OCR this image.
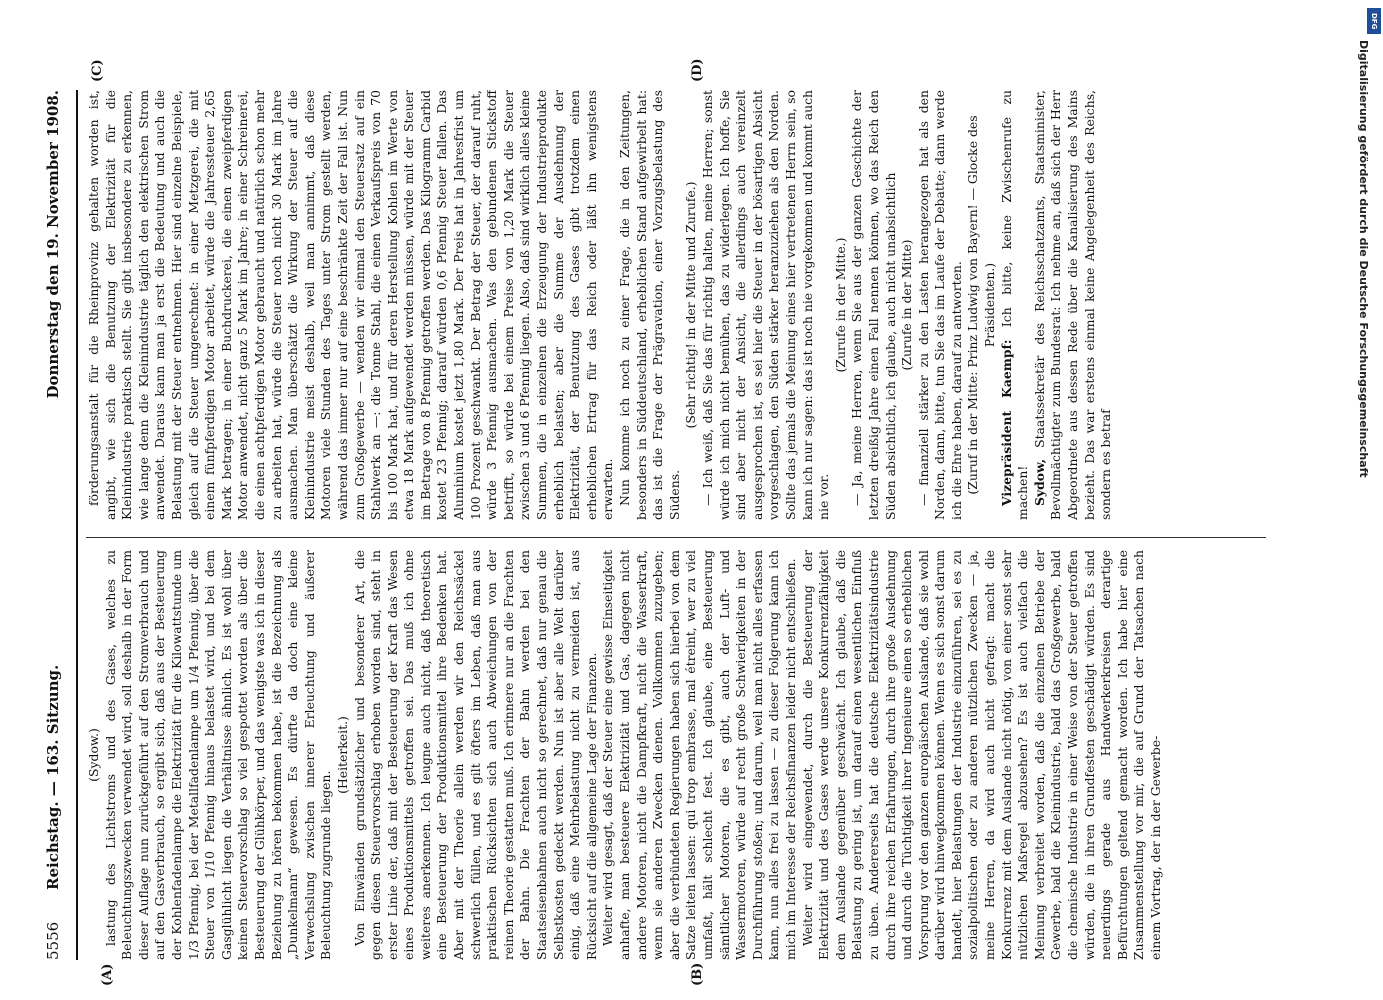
DFG
Digitalisierung gefördert durch die Deutsche Forschungsgemeinschaft
5556
Reichstag. — 163. Sitzung.
Donnerstag den 19. November 1908.
(A)	(B)
(C)	(D)

(Sydow.) lastung des Lichtstroms und des Gases, welches zu Beleuchtungszwecken verwendet wird, soll deshalb in der Form dieser Auflage nun zurückgeführt auf den Stromverbrauch und auf den Gasverbrauch, so ergibt sich, daß aus der Besteuerung der Kohlenfadenlampe die Elektrizität für die Kilowattstunde um 1/3 Pfennig, bei der Metallfadenlampe um 1/4 Pfennig, über die Steuer von 1/10 Pfennig hinaus belastet wird, und bei dem Gasglühlicht liegen die Verhältnisse ähnlich. Es ist wohl über keinen Steuervorschlag so viel gespottet worden als über die Besteuerung der Glühkörper, und das wenigste was ich in dieser Beziehung zu hören bekommen habe, ist die Bezeichnung als „Dunkelmann“ gewesen. Es dürfte da doch eine kleine Verwechslung zwischen innerer Erleuchtung und äußerer Beleuchtung zugrunde liegen.

(Heiterkeit.) Von Einwänden grundsätzlicher und besonderer Art, die gegen diesen Steuervorschlag erhoben worden sind, steht in erster Linie der, daß mit der Besteuerung der Kraft das Wesen eines Produktionsmittels getroffen sei. Das muß ich ohne weiteres anerkennen. Ich leugne auch nicht, daß theoretisch eine Besteuerung der Produktionsmittel ihre Bedenken hat. Aber mit der Theorie allein werden wir den Reichssäckel schwerlich füllen, und es gilt öfters im Leben, daß man aus praktischen Rücksichten sich auch Abweichungen von der reinen Theorie gestatten muß. Ich erinnere nur an die Frachten der Bahn. Die Frachten der Bahn werden bei den Staatseisenbahnen auch nicht so gerechnet, daß nur genau die Selbstkosten gedeckt werden. Nun ist aber alle Welt darüber einig, daß eine Mehrbelastung nicht zu vermeiden ist, aus Rücksicht auf die allgemeine Lage der Finanzen. Weiter wird gesagt, daß der Steuer eine gewisse Einseitigkeit anhafte, man besteuere Elektrizität und Gas, dagegen nicht andere Motoren, nicht die Dampfkraft, nicht die Wasserkraft, wenn sie anderen Zwecken dienen. Vollkommen zuzugeben; aber die verbündeten Regierungen haben sich hierbei von dem Satze leiten lassen: qui trop embrasse, mal étreint, wer zu viel umfaßt, hält schlecht fest. Ich glaube, eine Besteuerung sämtlicher Motoren, die es gibt, auch der Luft- und Wassermotoren, würde auf recht große Schwierigkeiten in der Durchführung stoßen; und darum, weil man nicht alles erfassen kann, nun alles frei zu lassen — zu dieser Folgerung kann ich mich im Interesse der Reichsfinanzen leider nicht entschließen. Weiter wird eingewendet, durch die Besteuerung der Elektrizität und des Gases werde unsere Konkurrenzfähigkeit dem Auslande gegenüber geschwächt. Ich glaube, daß die Belastung zu gering ist, um darauf einen wesentlichen Einfluß zu üben. Andererseits hat die deutsche Elektrizitätsindustrie durch ihre reichen Erfahrungen, durch ihre große Ausdehnung und durch die Tüchtigkeit ihrer Ingenieure einen so erheblichen Vorsprung vor den ganzen europäischen Auslande, daß sie wohl darüber wird hinwegkommen können. Wenn es sich sonst darum handelt, hier Belastungen der Industrie einzuführen, sei es zu sozialpolitischen oder zu anderen nützlichen Zwecken — ja, meine Herren, da wird auch nicht gefragt: macht die Konkurrenz mit dem Auslande nicht nötig, von einer sonst sehr nützlichen Maßregel abzusehen? Es ist auch vielfach die Meinung verbreitet worden, daß die einzelnen Betriebe der Gewerbe, bald die Kleinindustrie, bald das Großgewerbe, bald die chemische Industrie in einer Weise von der Steuer getroffen würden, die in ihren Grundfesten geschädigt würden. Es sind neuerdings gerade aus Handwerkerkreisen derartige Befürchtungen geltend gemacht worden. Ich habe hier eine Zusammenstellung vor mir, die auf Grund der Tatsachen nach einem Vortrag, der in der Gewerbe-

förderungsanstalt für die Rheinprovinz gehalten worden ist, angibt, wie sich die Benutzung der Elektrizität für die Kleinindustrie praktisch stellt. Sie gibt insbesondere zu erkennen, wie lange denn die Kleinindustrie täglich den elektrischen Strom anwendet. Daraus kann man ja erst die Bedeutung und auch die Belastung mit der Steuer entnehmen. Hier sind einzelne Beispiele, gleich auf die Steuer umgerechnet: in einer Metzgerei, die mit einem fünfpferdigen Motor arbeitet, würde die Jahressteuer 2,65 Mark betragen; in einer Buchdruckerei, die einen zweipferdigen Motor anwendet, nicht ganz 5 Mark im Jahre; in einer Schreinerei, die einen achtpferdigen Motor gebraucht und natürlich schon mehr zu arbeiten hat, würde die Steuer noch nicht 30 Mark im Jahre ausmachen. Man überschätzt die Wirkung der Steuer auf die Kleinindustrie meist deshalb, weil man annimmt, daß diese Motoren viele Stunden des Tages unter Strom gestellt werden, während das immer nur auf eine beschränkte Zeit der Fall ist. Nun zum Großgewerbe — wenden wir einmal den Steuersatz auf ein Stahlwerk an —: die Tonne Stahl, die einen Verkaufspreis von 70 bis 100 Mark hat, und für deren Herstellung Kohlen im Werte von etwa 18 Mark aufgewendet werden müssen, würde mit der Steuer im Betrage von 8 Pfennig getroffen werden. Das Kilogramm Carbid kostet 23 Pfennig; darauf würden 0,6 Pfennig Steuer fallen. Das Aluminium kostet jetzt 1,80 Mark. Der Preis hat in Jahresfrist um 100 Prozent geschwankt. Der Betrag der Steuer, der darauf ruht, würde 3 Pfennig ausmachen. Was den gebundenen Stickstoff betrifft, so würde bei einem Preise von 1,20 Mark die Steuer zwischen 3 und 6 Pfennig liegen. Also, daß sind wirklich alles kleine Summen, die in einzelnen die Erzeugung der Industrieprodukte erheblich belasten; aber die Summe der Ausdehnung der Elektrizität, der Benutzung des Gases gibt trotzdem einen erheblichen Ertrag für das Reich oder läßt ihn wenigstens erwarten. Nun komme ich noch zu einer Frage, die in den Zeitungen, besonders in Süddeutschland, erheblichen Stand aufgewirbelt hat: das ist die Frage der Prägravation, einer Vorzugsbelastung des Südens.

(Sehr richtig! in der Mitte und Zurufe.) — Ich weiß, daß Sie das für richtig halten, meine Herren; sonst würde ich mich nicht bemühen, das zu widerlegen. Ich hoffe, Sie sind aber nicht der Ansicht, die allerdings auch vereinzelt ausgesprochen ist, es sei hier die Steuer in der bösartigen Absicht vorgeschlagen, den Süden stärker heranzuziehen als den Norden. Sollte das jemals die Meinung eines hier vertretenen Herrn sein, so kann ich nur sagen: das ist noch nie vorgekommen und kommt auch nie vor.

(Zurufe in der Mitte.) — Ja, meine Herren, wenn Sie aus der ganzen Geschichte der letzten dreißig Jahre einen Fall nennen können, wo das Reich den Süden absichtlich, ich glaube, auch nicht unabsichtlich (Zurufe in der Mitte) — finanziell stärker zu den Lasten herangezogen hat als den Norden, dann, bitte, tun Sie das im Laufe der Debatte; dann werde ich die Ehre haben, darauf zu antworten. (Zuruf in der Mitte: Prinz Ludwig von Bayern! — Glocke des Präsidenten.)

Vizepräsident Kaempf: Ich bitte, keine Zwischenrufe zu machen! Sydow, Staatssekretär des Reichsschatzamts, Staatsminister, Bevollmächtigter zum Bundesrat: Ich nehme an, daß sich der Herr Abgeordnete aus dessen Rede über die Kanalisierung des Mains bezieht. Das war erstens einmal keine Angelegenheit des Reichs, sondern es betraf
